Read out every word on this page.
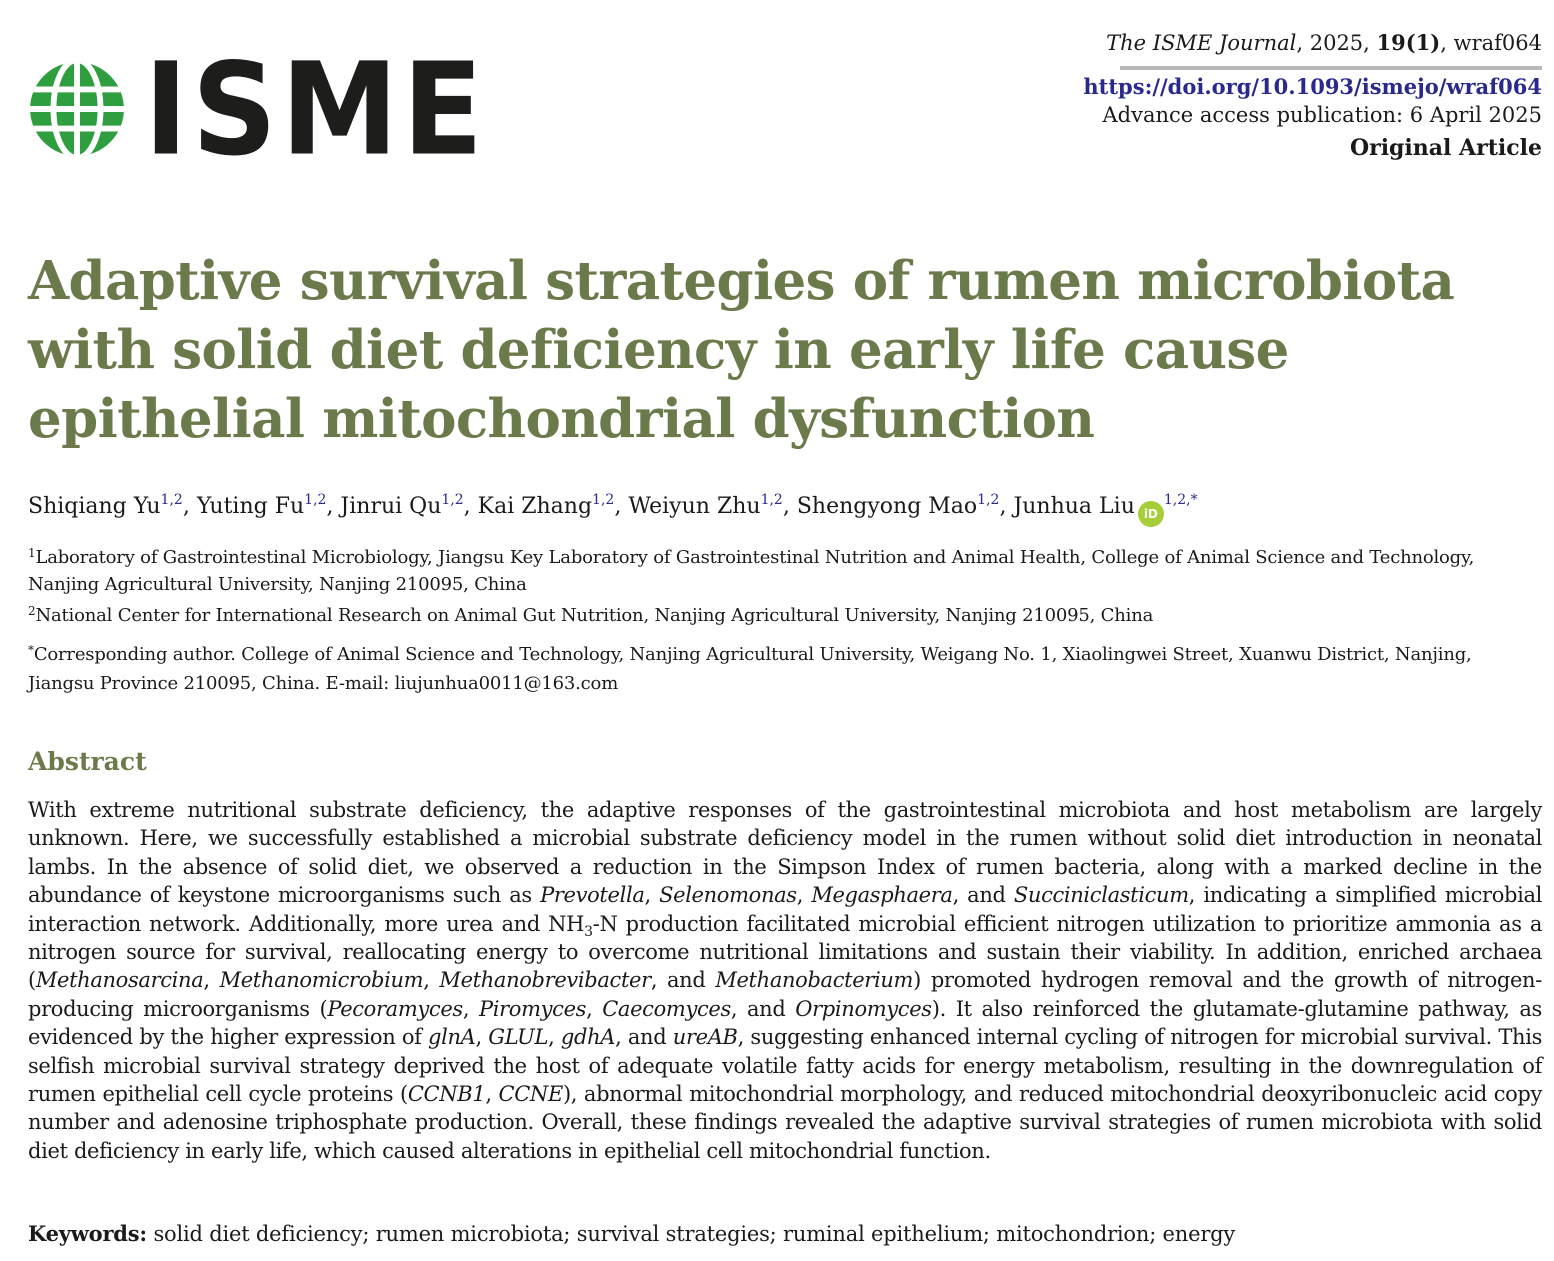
ISME	The ISME Journal, 2025, 19(1), wraf064
https://doi.org/10.1093/ismejo/wraf064
Advance access publication: 6 April 2025
Original Article
Adaptive survival strategies of rumen microbiota with solid diet deficiency in early life cause epithelial mitochondrial dysfunction
Shiqiang Yu$^{1,2}$, Yuting Fu$^{1,2}$, Jinrui Qu$^{1,2}$, Kai Zhang$^{1,2}$, Weiyun Zhu$^{1,2}$, Shengyong Mao$^{1,2}$, Junhua Liu $iD^{1,2,*}$

$^1$Laboratory of Gastrointestinal Microbiology, Jiangsu Key Laboratory of Gastrointestinal Nutrition and Animal Health, College of Animal Science and Technology, Nanjing Agricultural University, Nanjing 210095, China

$^2$National Center for International Research on Animal Gut Nutrition, Nanjing Agricultural University, Nanjing 210095, China

*Corresponding author. College of Animal Science and Technology, Nanjing Agricultural University, Weigang No. 1, Xiaolingwei Street, Xuanwu District, Nanjing, Jiangsu Province 210095, China. E-mail: liujunhua0011@163.com

Abstract

With extreme nutritional substrate deficiency, the adaptive responses of the gastrointestinal microbiota and host metabolism are largely unknown. Here, we successfully established a microbial substrate deficiency model in the rumen without solid diet introduction in neonatal lambs. In the absence of solid diet, we observed a reduction in the Simpson Index of rumen bacteria, along with a marked decline in the abundance of keystone microorganisms such as Prevotella, Selenomonas, Megasphaera, and Succiniclasticum, indicating a simplified microbial interaction network. Additionally, more urea and $NH_3-N$ production facilitated microbial efficient nitrogen utilization to prioritize ammonia as a nitrogen source for survival, reallocating energy to overcome nutritional limitations and sustain their viability. In addition, enriched archaea (Methanosarcina, Methanomicrobium, Methanobrevibacter, and Methanobacterium) promoted hydrogen removal and the growth of nitrogen-producing microorganisms (Pecoramyces, Piromyces, Caecomyces, and Orpinomyces). It also reinforced the glutamate-glutamine pathway, as evidenced by the higher expression of glnA, GLUL, gdhA, and ureAB, suggesting enhanced internal cycling of nitrogen for microbial survival. This selfish microbial survival strategy deprived the host of adequate volatile fatty acids for energy metabolism, resulting in the downregulation of rumen epithelial cell cycle proteins (CCNB1, CCNE), abnormal mitochondrial morphology, and reduced mitochondrial deoxyribonucleic acid copy number and adenosine triphosphate production. Overall, these findings revealed the adaptive survival strategies of rumen microbiota with solid diet deficiency in early life, which caused alterations in epithelial cell mitochondrial function.

Keywords: solid diet deficiency; rumen microbiota; survival strategies; ruminal epithelium; mitochondrion; energy
